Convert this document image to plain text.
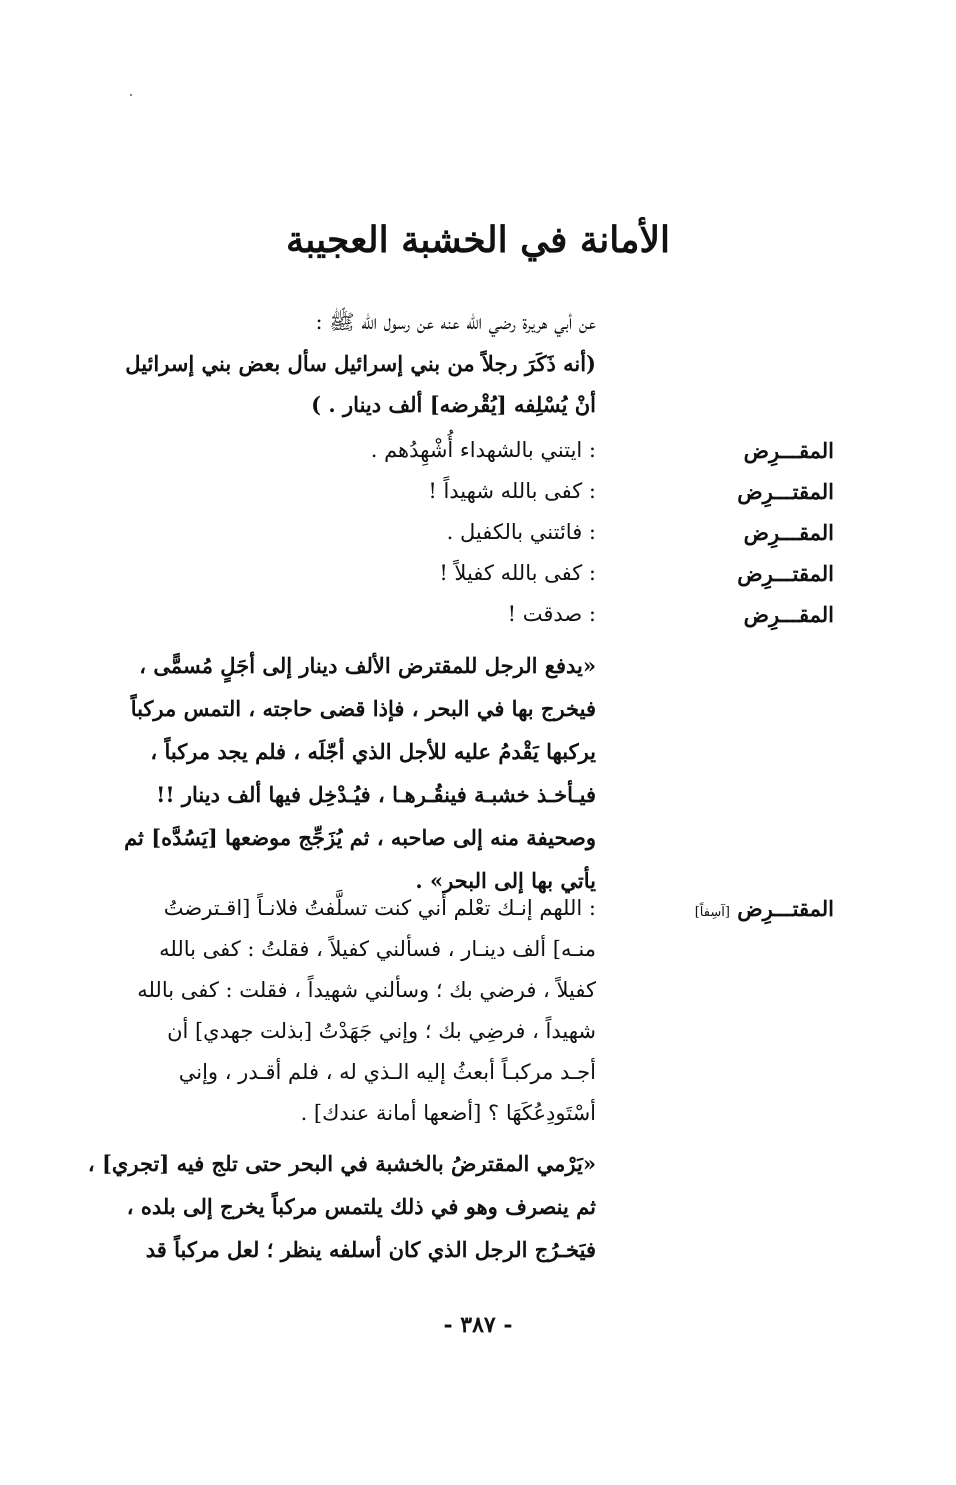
الأمانة في الخشبة العجيبة
عن أبي هريرة رضي الله عنه عن رسول الله ﷺ :
(أنه ذَكَرَ رجلاً من بني إسرائيل سأل بعض بني إسرائيل
أنْ يُسْلِفه [يُقْرضه] ألف دينار . )
المقـــرِض
المقتـــرِض
المقـــرِض
المقتـــرِض
المقـــرِض
: ايتني بالشهداء أُشْهِدُهم .
: كفى بالله شهيداً !
: فائتني بالكفيل .
: كفى بالله كفيلاً !
: صدقت !
«يدفع الرجل للمقترض الألف دينار إلى أجَلٍ مُسمًّى ،
فيخرج بها في البحر ، فإذا قضى حاجته ، التمس مركباً
يركبها يَقْدمُ عليه للأجل الذي أجّلَه ، فلم يجد مركباً ،
فيـأخـذ خشبـة فينقُـرهـا ، فيُـدْخِل فيها ألف دينار !!
وصحيفة منه إلى صاحبه ، ثم يُزَجِّج موضعها [يَسُدَّه] ثم
يأتي بها إلى البحر» .
المقتـــرِض [آسِفاً]
: اللهم إنـك تعْلم أني كنت تسلَّفتُ فلانـاً [اقـترضتُ
منـه] ألف دينـار ، فسألني كفيلاً ، فقلتُ : كفى بالله
كفيلاً ، فرضي بك ؛ وسألني شهيداً ، فقلت : كفى بالله
شهيداً ، فرضِي بك ؛ وإني جَهَدْتُ [بذلت جهدي] أن
أجـد مركبـاً أبعثُ إليه الـذي له ، فلم أقـدر ، وإني
أسْتَودِعُكَهَا ؟ [أضعها أمانة عندك] .
«يَرْمي المقترضُ بالخشبة في البحر حتى تلج فيه [تجري] ،
ثم ينصرف وهو في ذلك يلتمس مركباً يخرج إلى بلده ،
فيَخـرُج الرجل الذي كان أسلفه ينظر ؛ لعل مركباً قد
- ٣٨٧ -
